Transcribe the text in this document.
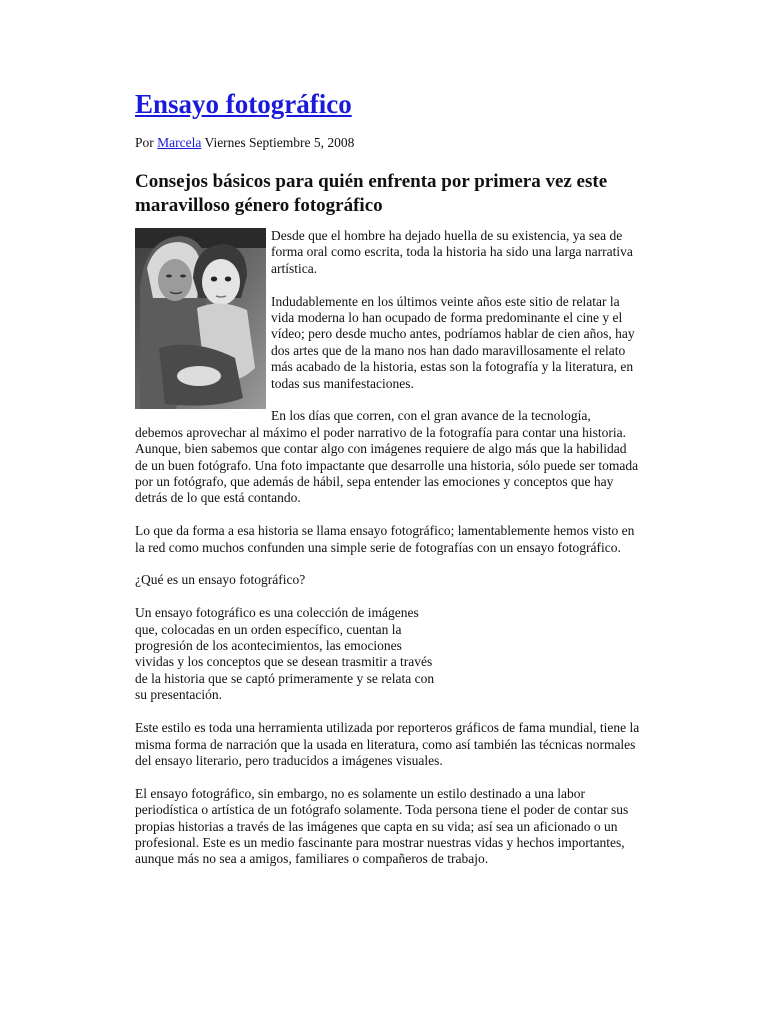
Ensayo fotográfico
Por Marcela Viernes Septiembre 5, 2008
Consejos básicos para quién enfrenta por primera vez este maravilloso género fotográfico

Desde que el hombre ha dejado huella de su existencia, ya sea de forma oral como escrita, toda la historia ha sido una larga narrativa artística.

Indudablemente en los últimos veinte años este sitio de relatar la vida moderna lo han ocupado de forma predominante el cine y el vídeo; pero desde mucho antes, podríamos hablar de cien años, hay dos artes que de la mano nos han dado maravillosamente el relato más acabado de la historia, estas son la fotografía y la literatura, en todas sus manifestaciones.

En los días que corren, con el gran avance de la tecnología, debemos aprovechar al máximo el poder narrativo de la fotografía para contar una historia. Aunque, bien sabemos que contar algo con imágenes requiere de algo más que la habilidad de un buen fotógrafo. Una foto impactante que desarrolle una historia, sólo puede ser tomada por un fotógrafo, que además de hábil, sepa entender las emociones y conceptos que hay detrás de lo que está contando.

Lo que da forma a esa historia se llama ensayo fotográfico; lamentablemente hemos visto en la red como muchos confunden una simple serie de fotografías con un ensayo fotográfico.

¿Qué es un ensayo fotográfico?

Un ensayo fotográfico es una colección de imágenes que, colocadas en un orden específico, cuentan la progresión de los acontecimientos, las emociones vividas y los conceptos que se desean trasmitir a través de la historia que se captó primeramente y se relata con su presentación.

Este estilo es toda una herramienta utilizada por reporteros gráficos de fama mundial, tiene la misma forma de narración que la usada en literatura, como así también las técnicas normales del ensayo literario, pero traducidos a imágenes visuales.

El ensayo fotográfico, sin embargo, no es solamente un estilo destinado a una labor periodística o artística de un fotógrafo solamente. Toda persona tiene el poder de contar sus propias historias a través de las imágenes que capta en su vida; así sea un aficionado o un profesional. Este es un medio fascinante para mostrar nuestras vidas y hechos importantes, aunque más no sea a amigos, familiares o compañeros de trabajo.
